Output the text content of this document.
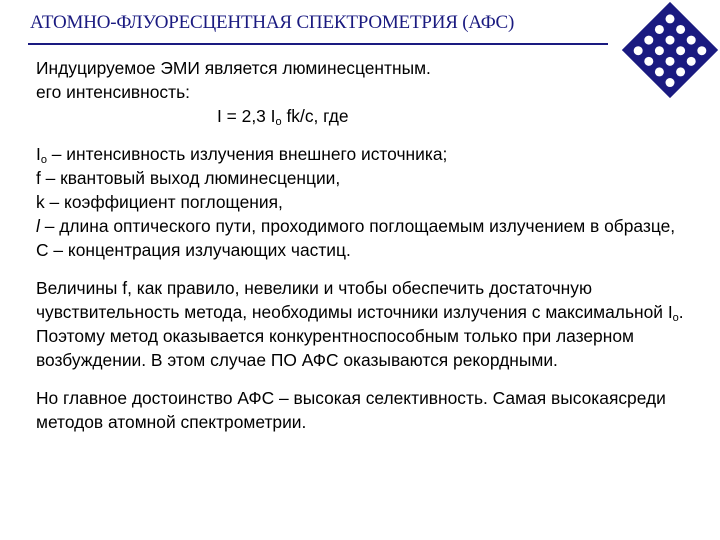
АТОМНО-ФЛУОРЕСЦЕНТНАЯ СПЕКТРОМЕТРИЯ (АФС)

Индуцируемое ЭМИ является люминесцентным.

его интенсивность:

I = 2,3 $I_o$ fk/c, где

$I_o$ – интенсивность излучения внешнего источника;

f – квантовый выход люминесценции,

k – коэффициент поглощения,

l – длина оптического пути, проходимого поглощаемым излучением в образце,

С – концентрация излучающих частиц.

Величины f, как правило, невелики и чтобы обеспечить достаточную чувствительность метода, необходимы источники излучения с максимальной $I_o$. Поэтому метод оказывается конкурентноспособным только при лазерном возбуждении. В этом случае ПО АФС оказываются рекордными.

Но главное достоинство АФС – высокая селективность. Самая высокаясреди методов атомной спектрометрии.
